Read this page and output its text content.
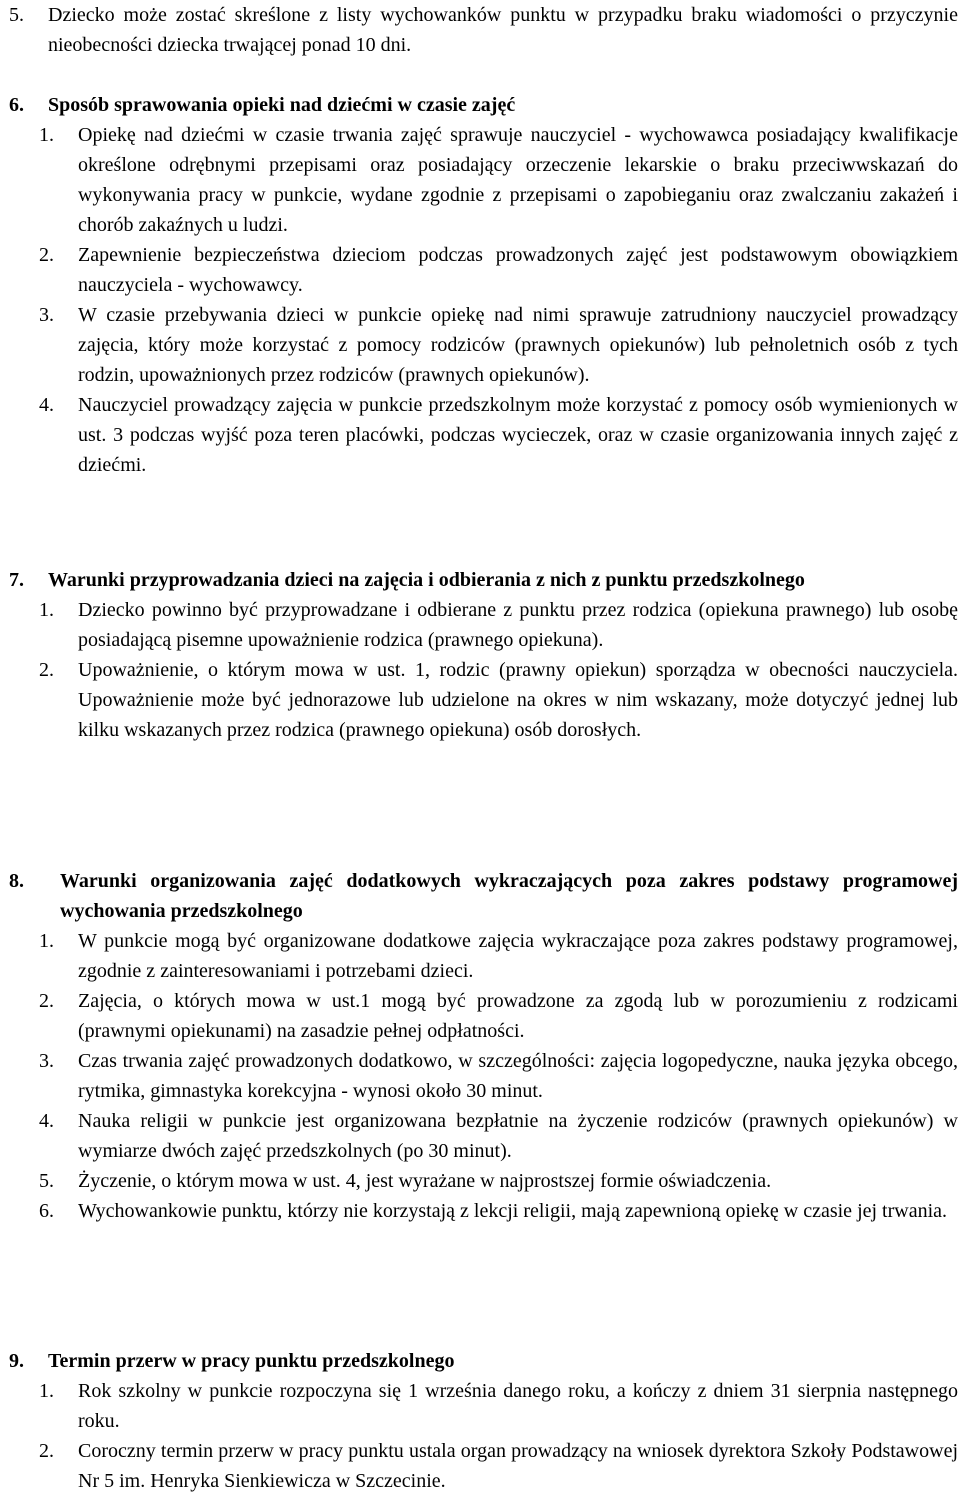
5.	Dziecko może zostać skreślone z listy wychowanków punktu w przypadku braku wiadomości o przyczynie nieobecności dziecka trwającej ponad 10 dni.
6.	Sposób sprawowania opieki nad dziećmi w czasie zajęć
1.	Opiekę nad dziećmi w czasie trwania zajęć sprawuje nauczyciel - wychowawca posiadający kwalifikacje określone odrębnymi przepisami oraz posiadający orzeczenie lekarskie o braku przeciwwskazań do wykonywania pracy w punkcie, wydane zgodnie z przepisami o zapobieganiu oraz zwalczaniu zakażeń i chorób zakaźnych u ludzi.
2.	Zapewnienie bezpieczeństwa dzieciom podczas prowadzonych zajęć jest podstawowym obowiązkiem nauczyciela - wychowawcy.
3.	W czasie przebywania dzieci w punkcie opiekę nad nimi sprawuje zatrudniony nauczyciel prowadzący zajęcia, który może korzystać z pomocy rodziców (prawnych opiekunów) lub pełnoletnich osób z tych rodzin, upoważnionych przez rodziców (prawnych opiekunów).
4.	Nauczyciel prowadzący zajęcia w punkcie przedszkolnym może korzystać z pomocy osób wymienionych w ust. 3 podczas wyjść poza teren placówki, podczas wycieczek, oraz w czasie organizowania innych zajęć z dziećmi.
7.	Warunki przyprowadzania dzieci na zajęcia i odbierania z nich z punktu przedszkolnego
1.	Dziecko powinno być przyprowadzane i odbierane z punktu przez rodzica (opiekuna prawnego) lub osobę posiadającą pisemne upoważnienie rodzica (prawnego opiekuna).
2.	Upoważnienie, o którym mowa w ust. 1, rodzic (prawny opiekun) sporządza w obecności nauczyciela. Upoważnienie może być jednorazowe lub udzielone na okres w nim wskazany, może dotyczyć jednej lub kilku wskazanych przez rodzica (prawnego opiekuna) osób dorosłych.
8.	Warunki organizowania zajęć dodatkowych wykraczających poza zakres podstawy programowej wychowania przedszkolnego
1.	W punkcie mogą być organizowane dodatkowe zajęcia wykraczające poza zakres podstawy programowej, zgodnie z zainteresowaniami i potrzebami dzieci.
2.	Zajęcia, o których mowa w ust.1 mogą być prowadzone za zgodą lub w porozumieniu z rodzicami (prawnymi opiekunami) na zasadzie pełnej odpłatności.
3.	Czas trwania zajęć prowadzonych dodatkowo, w szczególności: zajęcia logopedyczne, nauka języka obcego, rytmika, gimnastyka korekcyjna - wynosi około 30 minut.
4.	Nauka religii w punkcie jest organizowana bezpłatnie na życzenie rodziców (prawnych opiekunów) w wymiarze dwóch zajęć przedszkolnych (po 30 minut).
5.	Życzenie, o którym mowa w ust. 4, jest wyrażane w najprostszej formie oświadczenia.
6.	Wychowankowie punktu, którzy nie korzystają z lekcji religii, mają zapewnioną opiekę w czasie jej trwania.
9.	Termin przerw w pracy punktu przedszkolnego
1.	Rok szkolny w punkcie rozpoczyna się 1 września danego roku, a kończy z dniem 31 sierpnia następnego roku.
2.	Coroczny termin przerw w pracy punktu ustala organ prowadzący na wniosek dyrektora Szkoły Podstawowej Nr 5 im. Henryka Sienkiewicza w Szczecinie.
